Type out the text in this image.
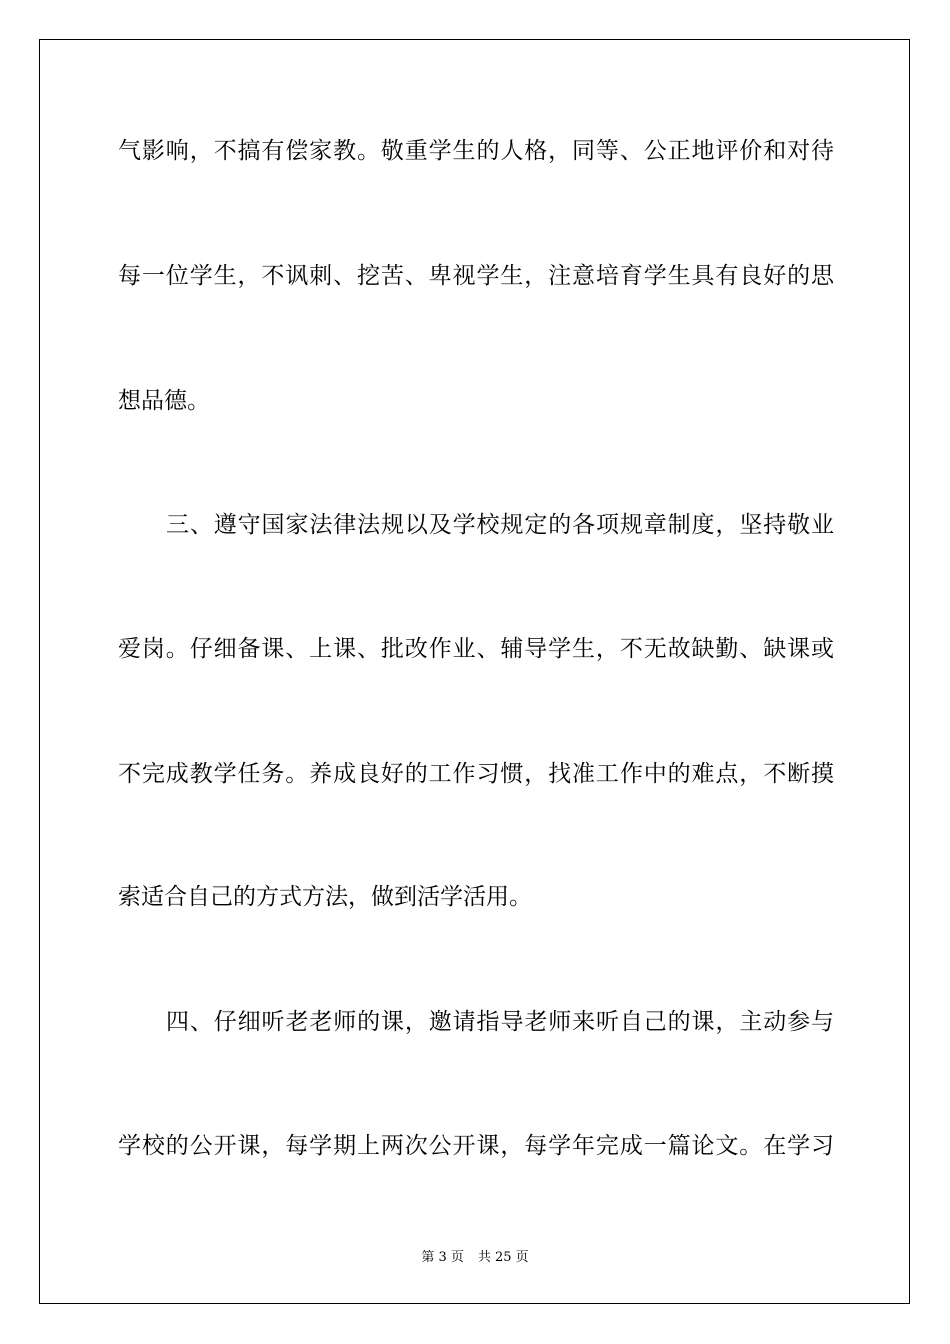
气影响，不搞有偿家教。敬重学生的人格，同等、公正地评价和对待
每一位学生，不讽刺、挖苦、卑视学生，注意培育学生具有良好的思
想品德。
三、遵守国家法律法规以及学校规定的各项规章制度，坚持敬业
爱岗。仔细备课、上课、批改作业、辅导学生，不无故缺勤、缺课或
不完成教学任务。养成良好的工作习惯，找准工作中的难点，不断摸
索适合自己的方式方法，做到活学活用。
四、仔细听老老师的课，邀请指导老师来听自己的课，主动参与
学校的公开课，每学期上两次公开课，每学年完成一篇论文。在学习
第 3 页 共 25 页
